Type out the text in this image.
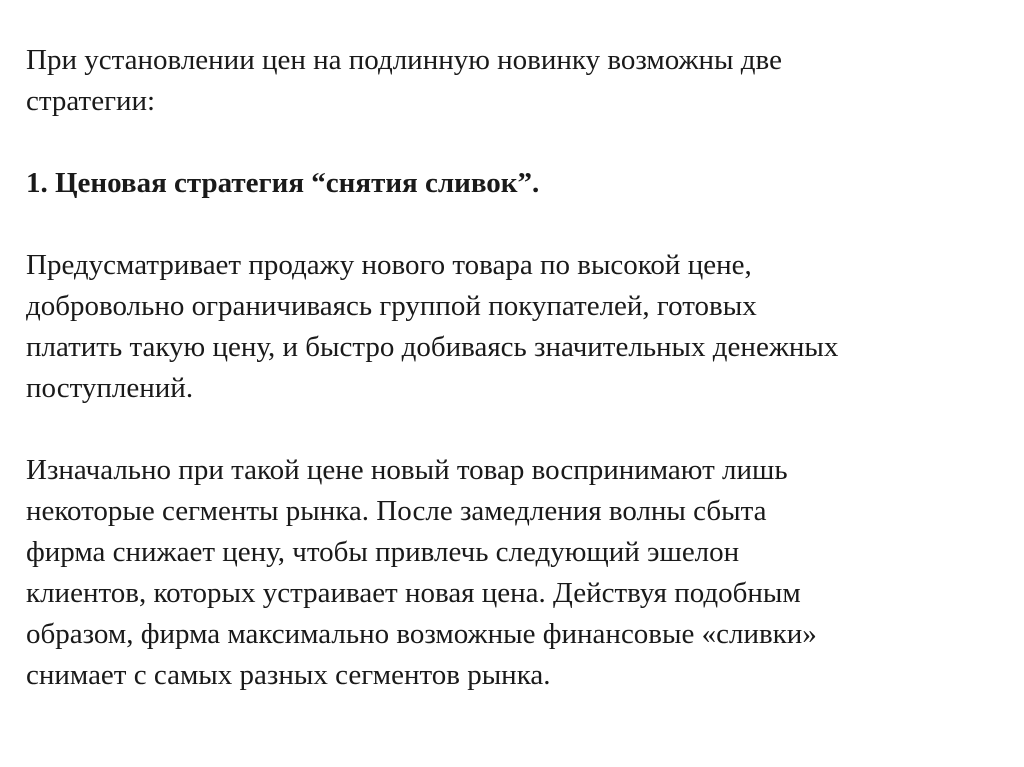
При установлении цен на подлинную новинку возможны две
стратегии:

1. Ценовая стратегия “снятия сливок”.

Предусматривает продажу нового товара по высокой цене,
добровольно ограничиваясь группой покупателей, готовых
платить такую цену, и быстро добиваясь значительных денежных
поступлений.

Изначально при такой цене новый товар воспринимают лишь
некоторые сегменты рынка. После замедления волны сбыта
фирма снижает цену, чтобы привлечь следующий эшелон
клиентов, которых устраивает новая цена. Действуя подобным
образом, фирма максимально возможные финансовые «сливки»
снимает с самых разных сегментов рынка.
